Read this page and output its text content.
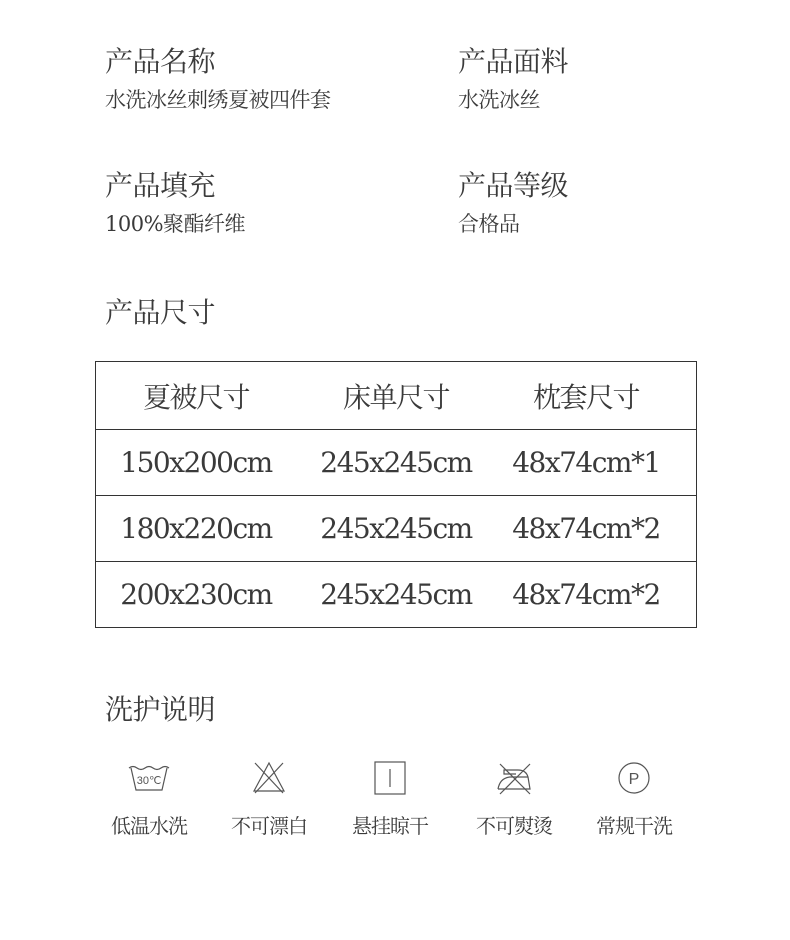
产品名称
水洗冰丝刺绣夏被四件套
产品面料
水洗冰丝
产品填充
100%聚酯纤维
产品等级
合格品
产品尺寸
夏被尺寸	床单尺寸	枕套尺寸
150x200cm	245x245cm	48x74cm*1
180x220cm	245x245cm	48x74cm*2
200x230cm	245x245cm	48x74cm*2
洗护说明
30℃
低温水洗	不可漂白	悬挂晾干	不可熨烫
P
常规干洗
